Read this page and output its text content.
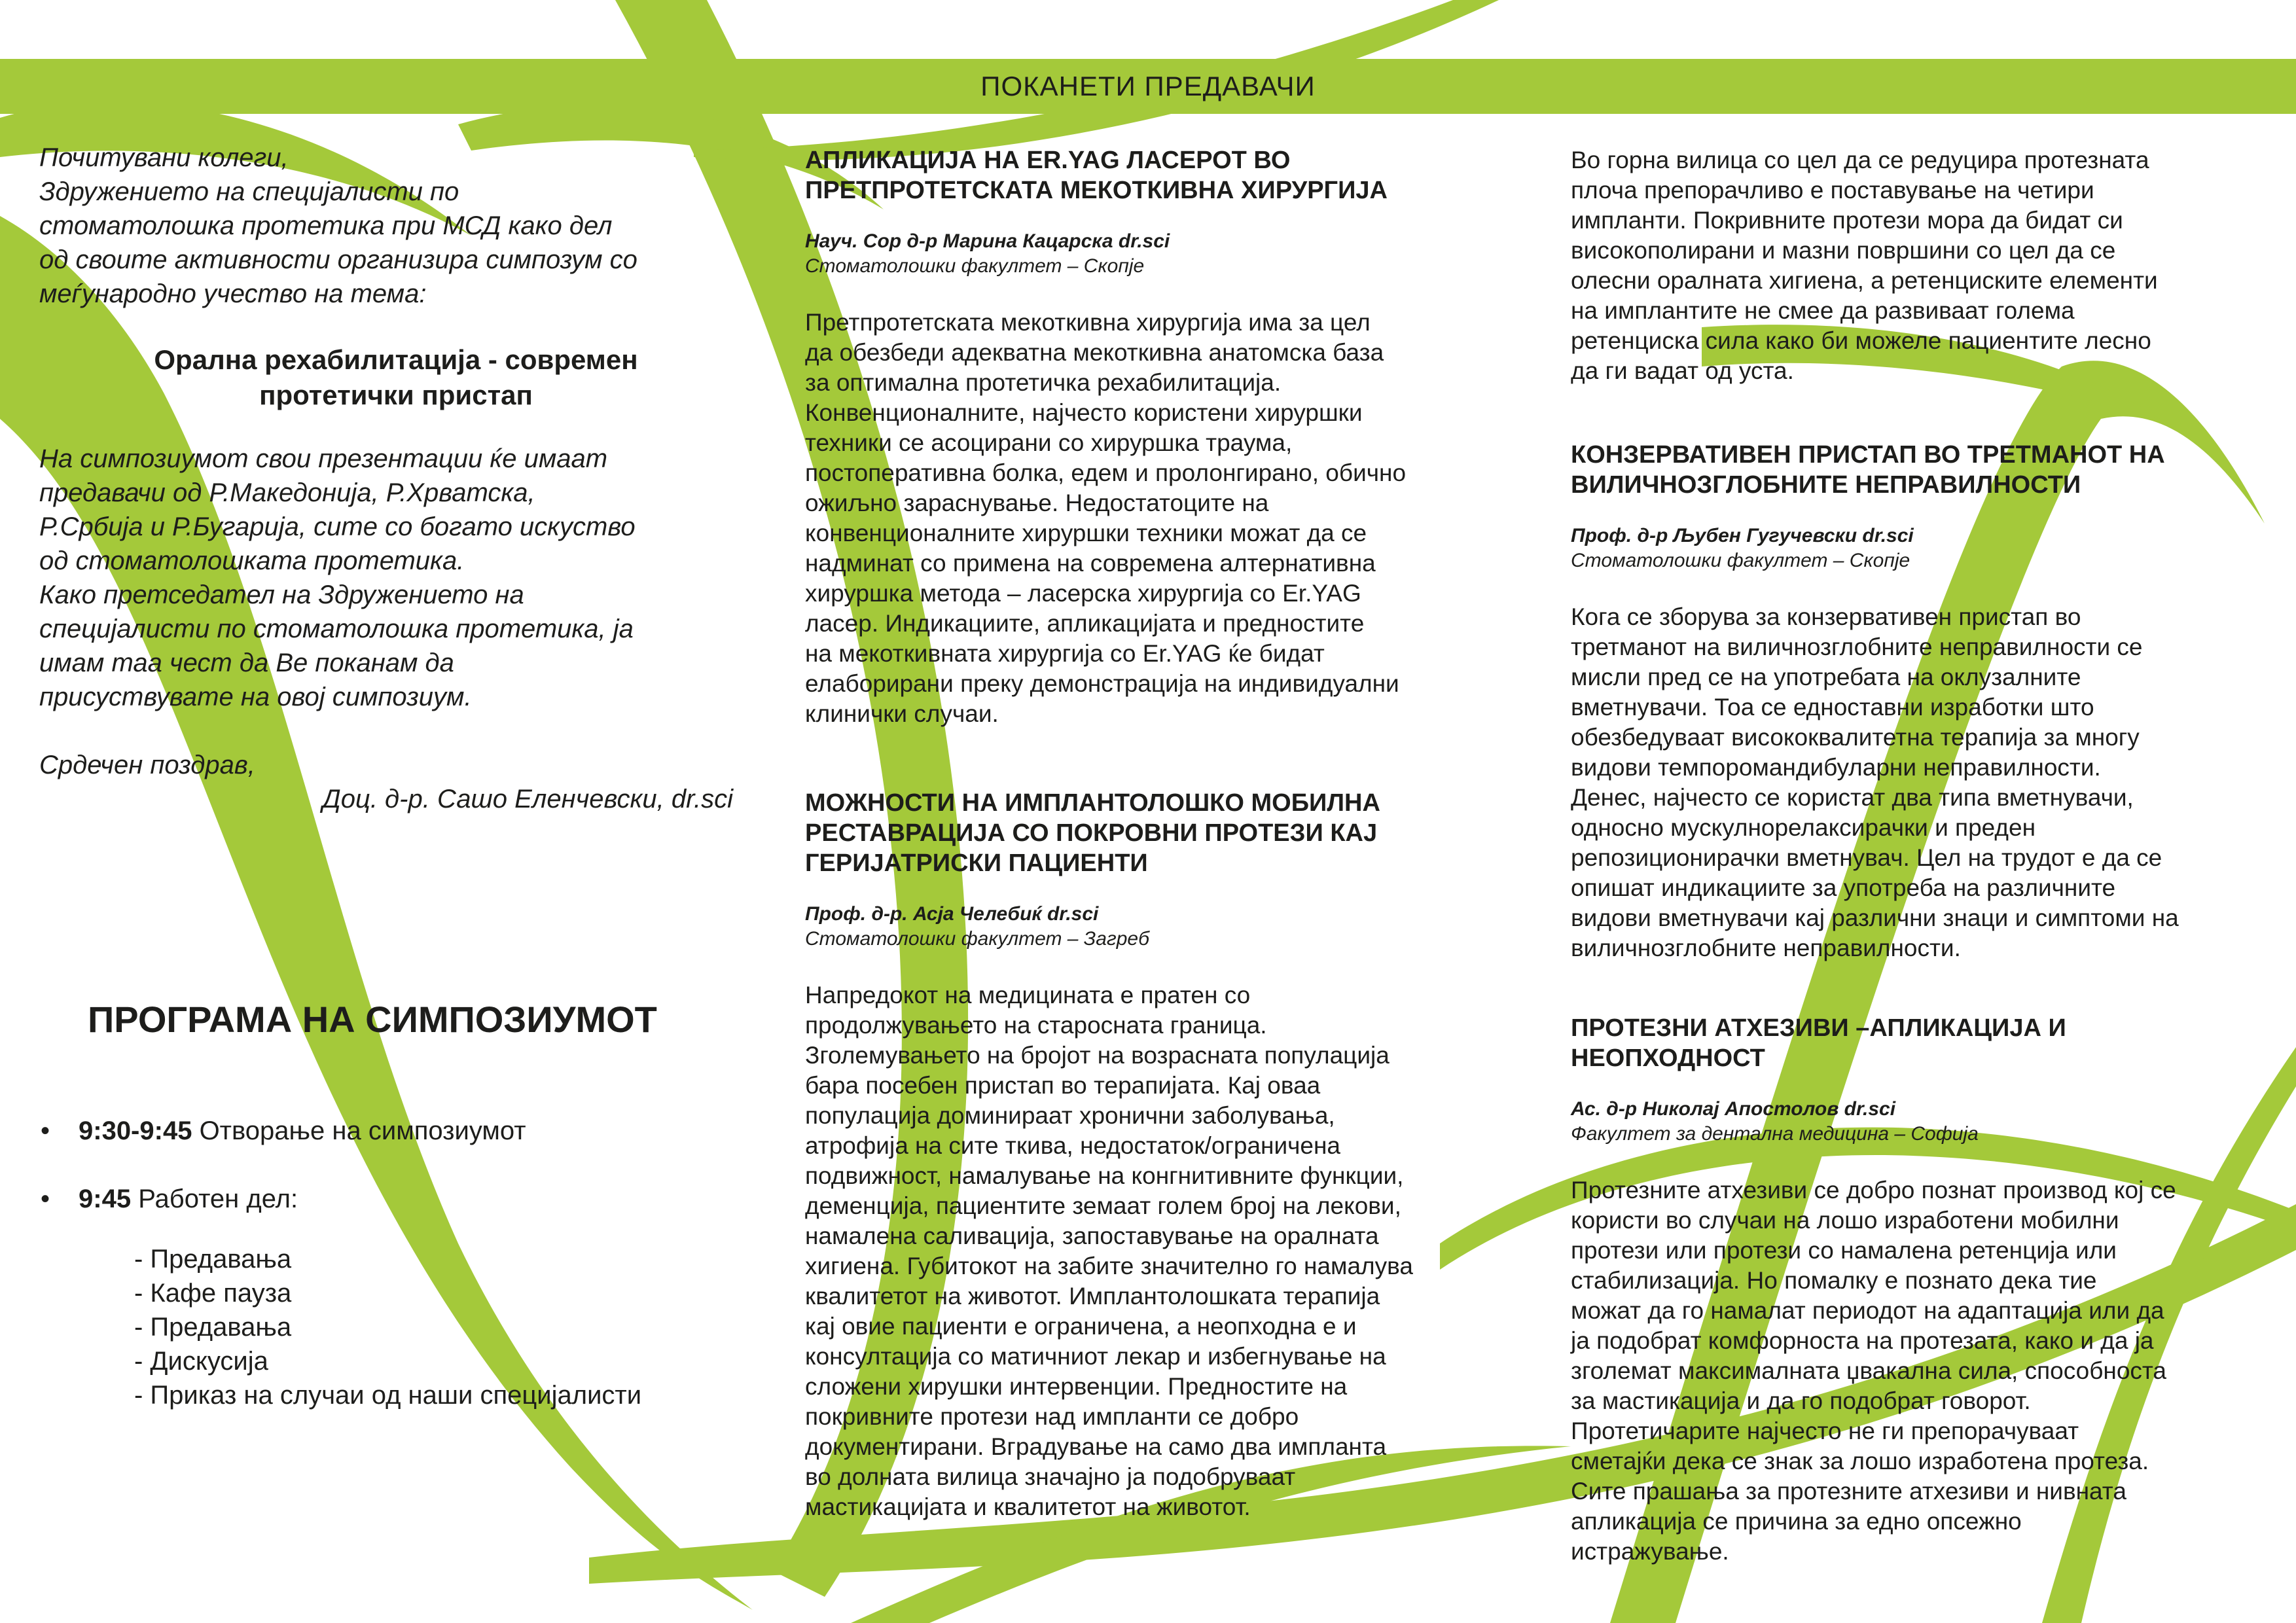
ПОКАНЕТИ ПРЕДАВАЧИ
Почитувани колеги,
Здружението на специјалисти по
стоматолошка протетика при МСД како дел
од своите активности организира симпозум со
меѓународно учество на тема:
Орална рехабилитација - современ
протетички пристап
На симпозиумот свои презентации ќе имаат
предавачи од Р.Македонија, Р.Хрватска,
Р.Србија и Р.Бугарија, сите со богато искуство
од стоматолошката протетика.
Како претседател на Здружението на
специјалисти по стоматолошка протетика, ја
имам таа чест да Ве поканам да
присуствувате на овој симпозиум.
Срдечен поздрав,
Доц. д-р. Сашо Еленчевски, dr.sci
ПРОГРАМА НА СИМПОЗИУМОТ
• 9:30-9:45 Отворање на симпозиумот
• 9:45 Работен дел:
- Предавања
- Кафе пауза
- Предавања
- Дискусија
- Приказ на случаи од наши специјалисти
АПЛИКАЦИЈА НА ER.YAG ЛАСЕРОТ ВО
ПРЕТПРОТЕТСКАТА МЕКОТКИВНА ХИРУРГИЈА
Науч. Сор д-р Марина Кацарска dr.sci
Стоматолошки факултет – Скопје
Претпротетската мекоткивна хирургија има за цел
да обезбеди адекватна мекоткивна анатомска база
за оптимална протетичка рехабилитација.
Конвенционалните, најчесто користени хируршки
техники се асоцирани со хируршка траума,
постоперативна болка, едем и пролонгирано, обично
ожиљно зараснување. Недостатоците на
конвенционалните хируршки техники можат да се
надминат со примена на современа алтернативна
хируршка метода – ласерска хирургија со Er.YAG
ласер. Индикациите, апликацијата и предностите
на мекоткивната хирургија со Er.YAG ќе бидат
елаборирани преку демонстрација на индивидуални
клинички случаи.
МОЖНОСТИ НА ИМПЛАНТОЛОШКО МОБИЛНА
РЕСТАВРАЦИЈА СО ПОКРОВНИ ПРОТЕЗИ КАЈ
ГЕРИЈАТРИСКИ ПАЦИЕНТИ
Проф. д-р. Асја Челебиќ dr.sci
Стоматолошки факултет – Загреб
Напредокот на медицината е пратен со
продолжувањето на старосната граница.
Зголемувањето на бројот на возрасната популација
бара посебен пристап во терапијата. Кај оваа
популација доминираат хронични заболувања,
атрофија на сите ткива, недостаток/ограничена
подвижност, намалување на конгнитивните функции,
деменција, пациентите земаат голем број на лекови,
намалена саливација, запоставување на оралната
хигиена. Губитокот на забите значително го намалува
квалитетот на животот. Имплантолошката терапија
кај овие пациенти е ограничена, а неопходна е и
консултација со матичниот лекар и избегнување на
сложени хирушки интервенции. Предностите на
покривните протези над импланти се добро
документирани. Вградување на само два импланта
во долната вилица значајно ја подобруваат
мастикацијата и квалитетот на животот.
Во горна вилица со цел да се редуцира протезната
плоча препорачливо е поставување на четири
импланти. Покривните протези мора да бидат си
високополирани и мазни површини со цел да се
олесни оралната хигиена, а ретенциските елементи
на имплантите не смее да развиваат голема
ретенциска сила како би можеле пациентите лесно
да ги вадат од уста.
КОНЗЕРВАТИВЕН ПРИСТАП ВО ТРЕТМАНОТ НА
ВИЛИЧНОЗГЛОБНИТЕ НЕПРАВИЛНОСТИ
Проф. д-р Љубен Гугучевски dr.sci
Стоматолошки факултет – Скопје
Кога се зборува за конзервативен пристап во
третманот на виличнозглобните неправилности се
мисли пред се на употребата на оклузалните
вметнувачи. Тоа се едноставни изработки што
обезбедуваат висококвалитетна терапија за многу
видови темпоромандибуларни неправилности.
Денес, најчесто се користат два типа вметнувачи,
односно мускулнорелаксирачки и преден
репозиционирачки вметнувач. Цел на трудот е да се
опишат индикациите за употреба на различните
видови вметнувачи кај различни знаци и симптоми на
виличнозглобните неправилности.
ПРОТЕЗНИ АТХЕЗИВИ –АПЛИКАЦИЈА И
НЕОПХОДНОСТ
Ас. д-р Николај Апостолов dr.sci
Факултет за дентална медицина – Софија
Протезните атхезиви се добро познат производ кој се
користи во случаи на лошо изработени мобилни
протези или протези со намалена ретенција или
стабилизација. Но помалку е познато дека тие
можат да го намалат периодот на адаптација или да
ја подобрат комфорноста на протезата, како и да ја
зголемат максималната џвакална сила, способноста
за мастикација и да го подобрат говорот.
Протетичарите најчесто не ги препорачуваат
сметајќи дека се знак за лошо изработена протеза.
Сите прашања за протезните атхезиви и нивната
апликација се причина за едно опсежно
истражување.
